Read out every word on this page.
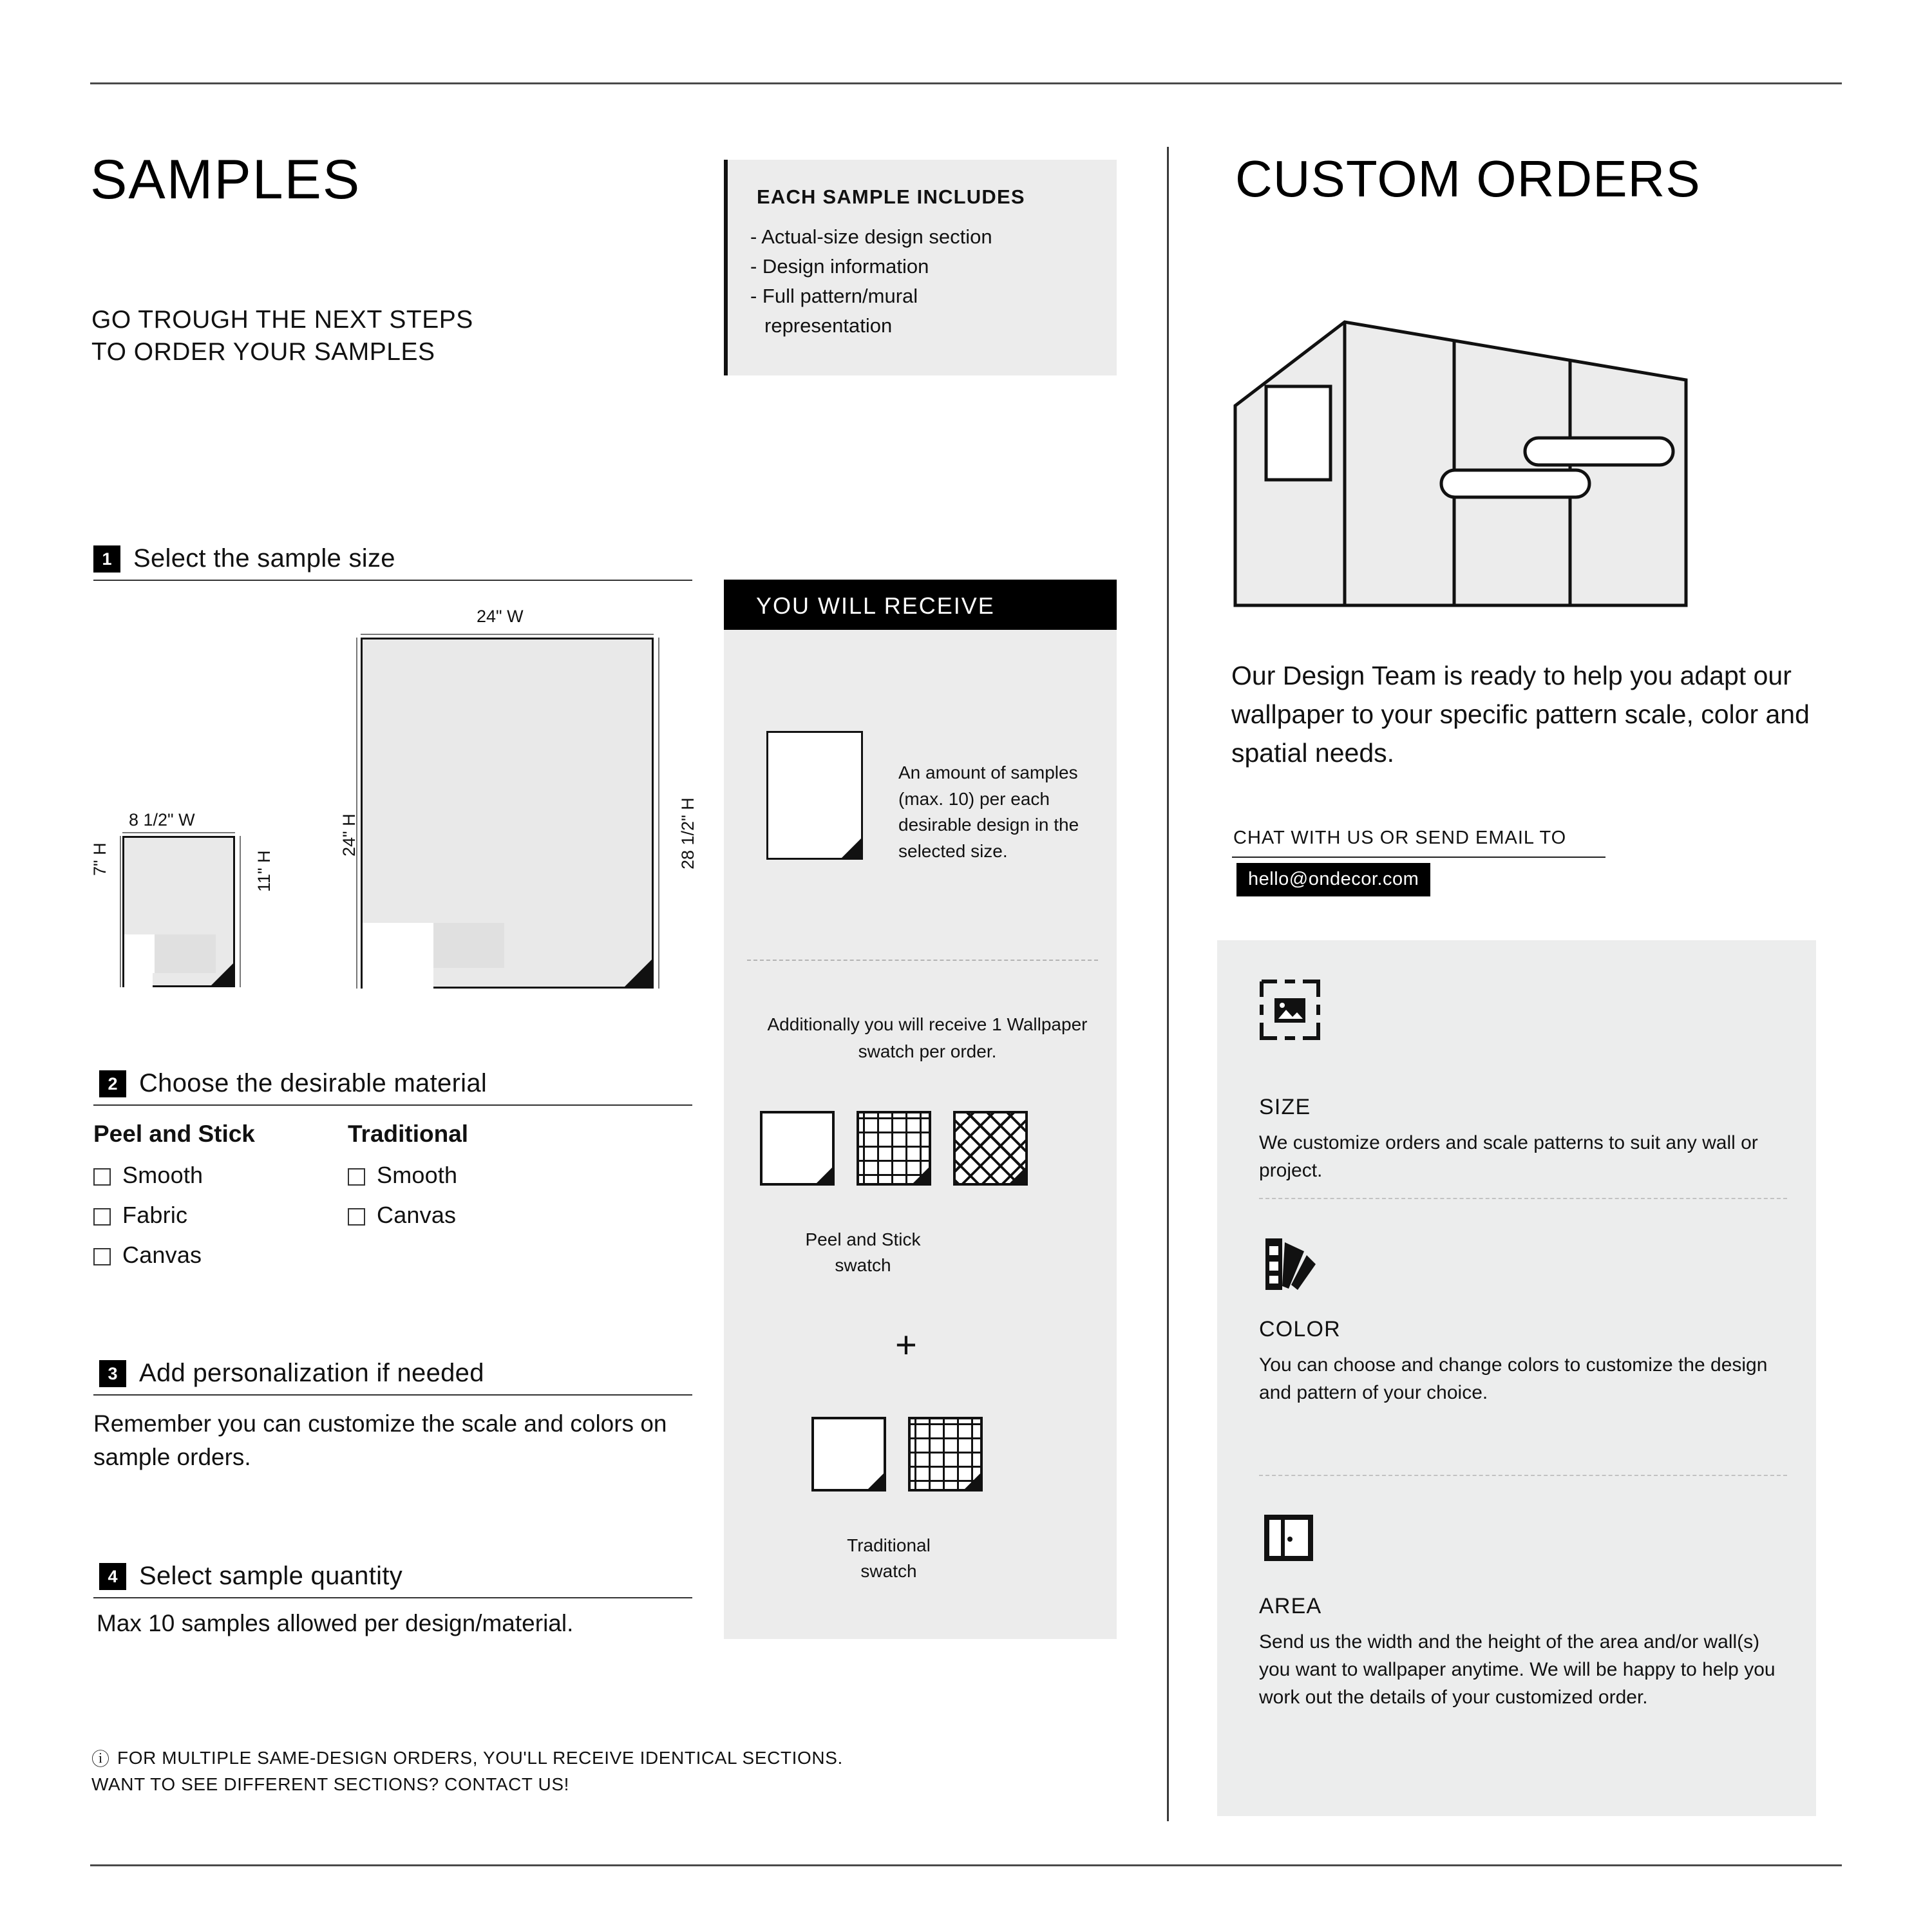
SAMPLES
GO TROUGH THE NEXT STEPS
TO ORDER YOUR SAMPLES
EACH SAMPLE INCLUDES
- Actual-size design section
- Design information
- Full pattern/mural
representation
1 Select the sample size
8 1/2" W
7" H	11" H
24" W
24" H	28 1/2" H
2 Choose the desirable material
Peel and Stick
Smooth
Fabric
Canvas
Traditional
Smooth
Canvas
3 Add personalization if needed
Remember you can customize the scale and colors on sample orders.
4 Select sample quantity
Max 10 samples allowed per design/material.
ⓘ FOR MULTIPLE SAME-DESIGN ORDERS, YOU'LL RECEIVE IDENTICAL SECTIONS. WANT TO SEE DIFFERENT SECTIONS? CONTACT US!
YOU WILL RECEIVE
An amount of samples (max. 10) per each desirable design in the selected size.
Additionally you will receive 1 Wallpaper swatch per order.
Peel and Stick
swatch
+
Traditional
swatch
CUSTOM ORDERS
Our Design Team is ready to help you adapt our wallpaper to your specific pattern scale, color and spatial needs.
CHAT WITH US OR SEND EMAIL TO
hello@ondecor.com
SIZE
We customize orders and scale patterns to suit any wall or project.
COLOR
You can choose and change colors to customize the design and pattern of your choice.
AREA
Send us the width and the height of the area and/or wall(s) you want to wallpaper anytime. We will be happy to help you work out the details of your customized order.
